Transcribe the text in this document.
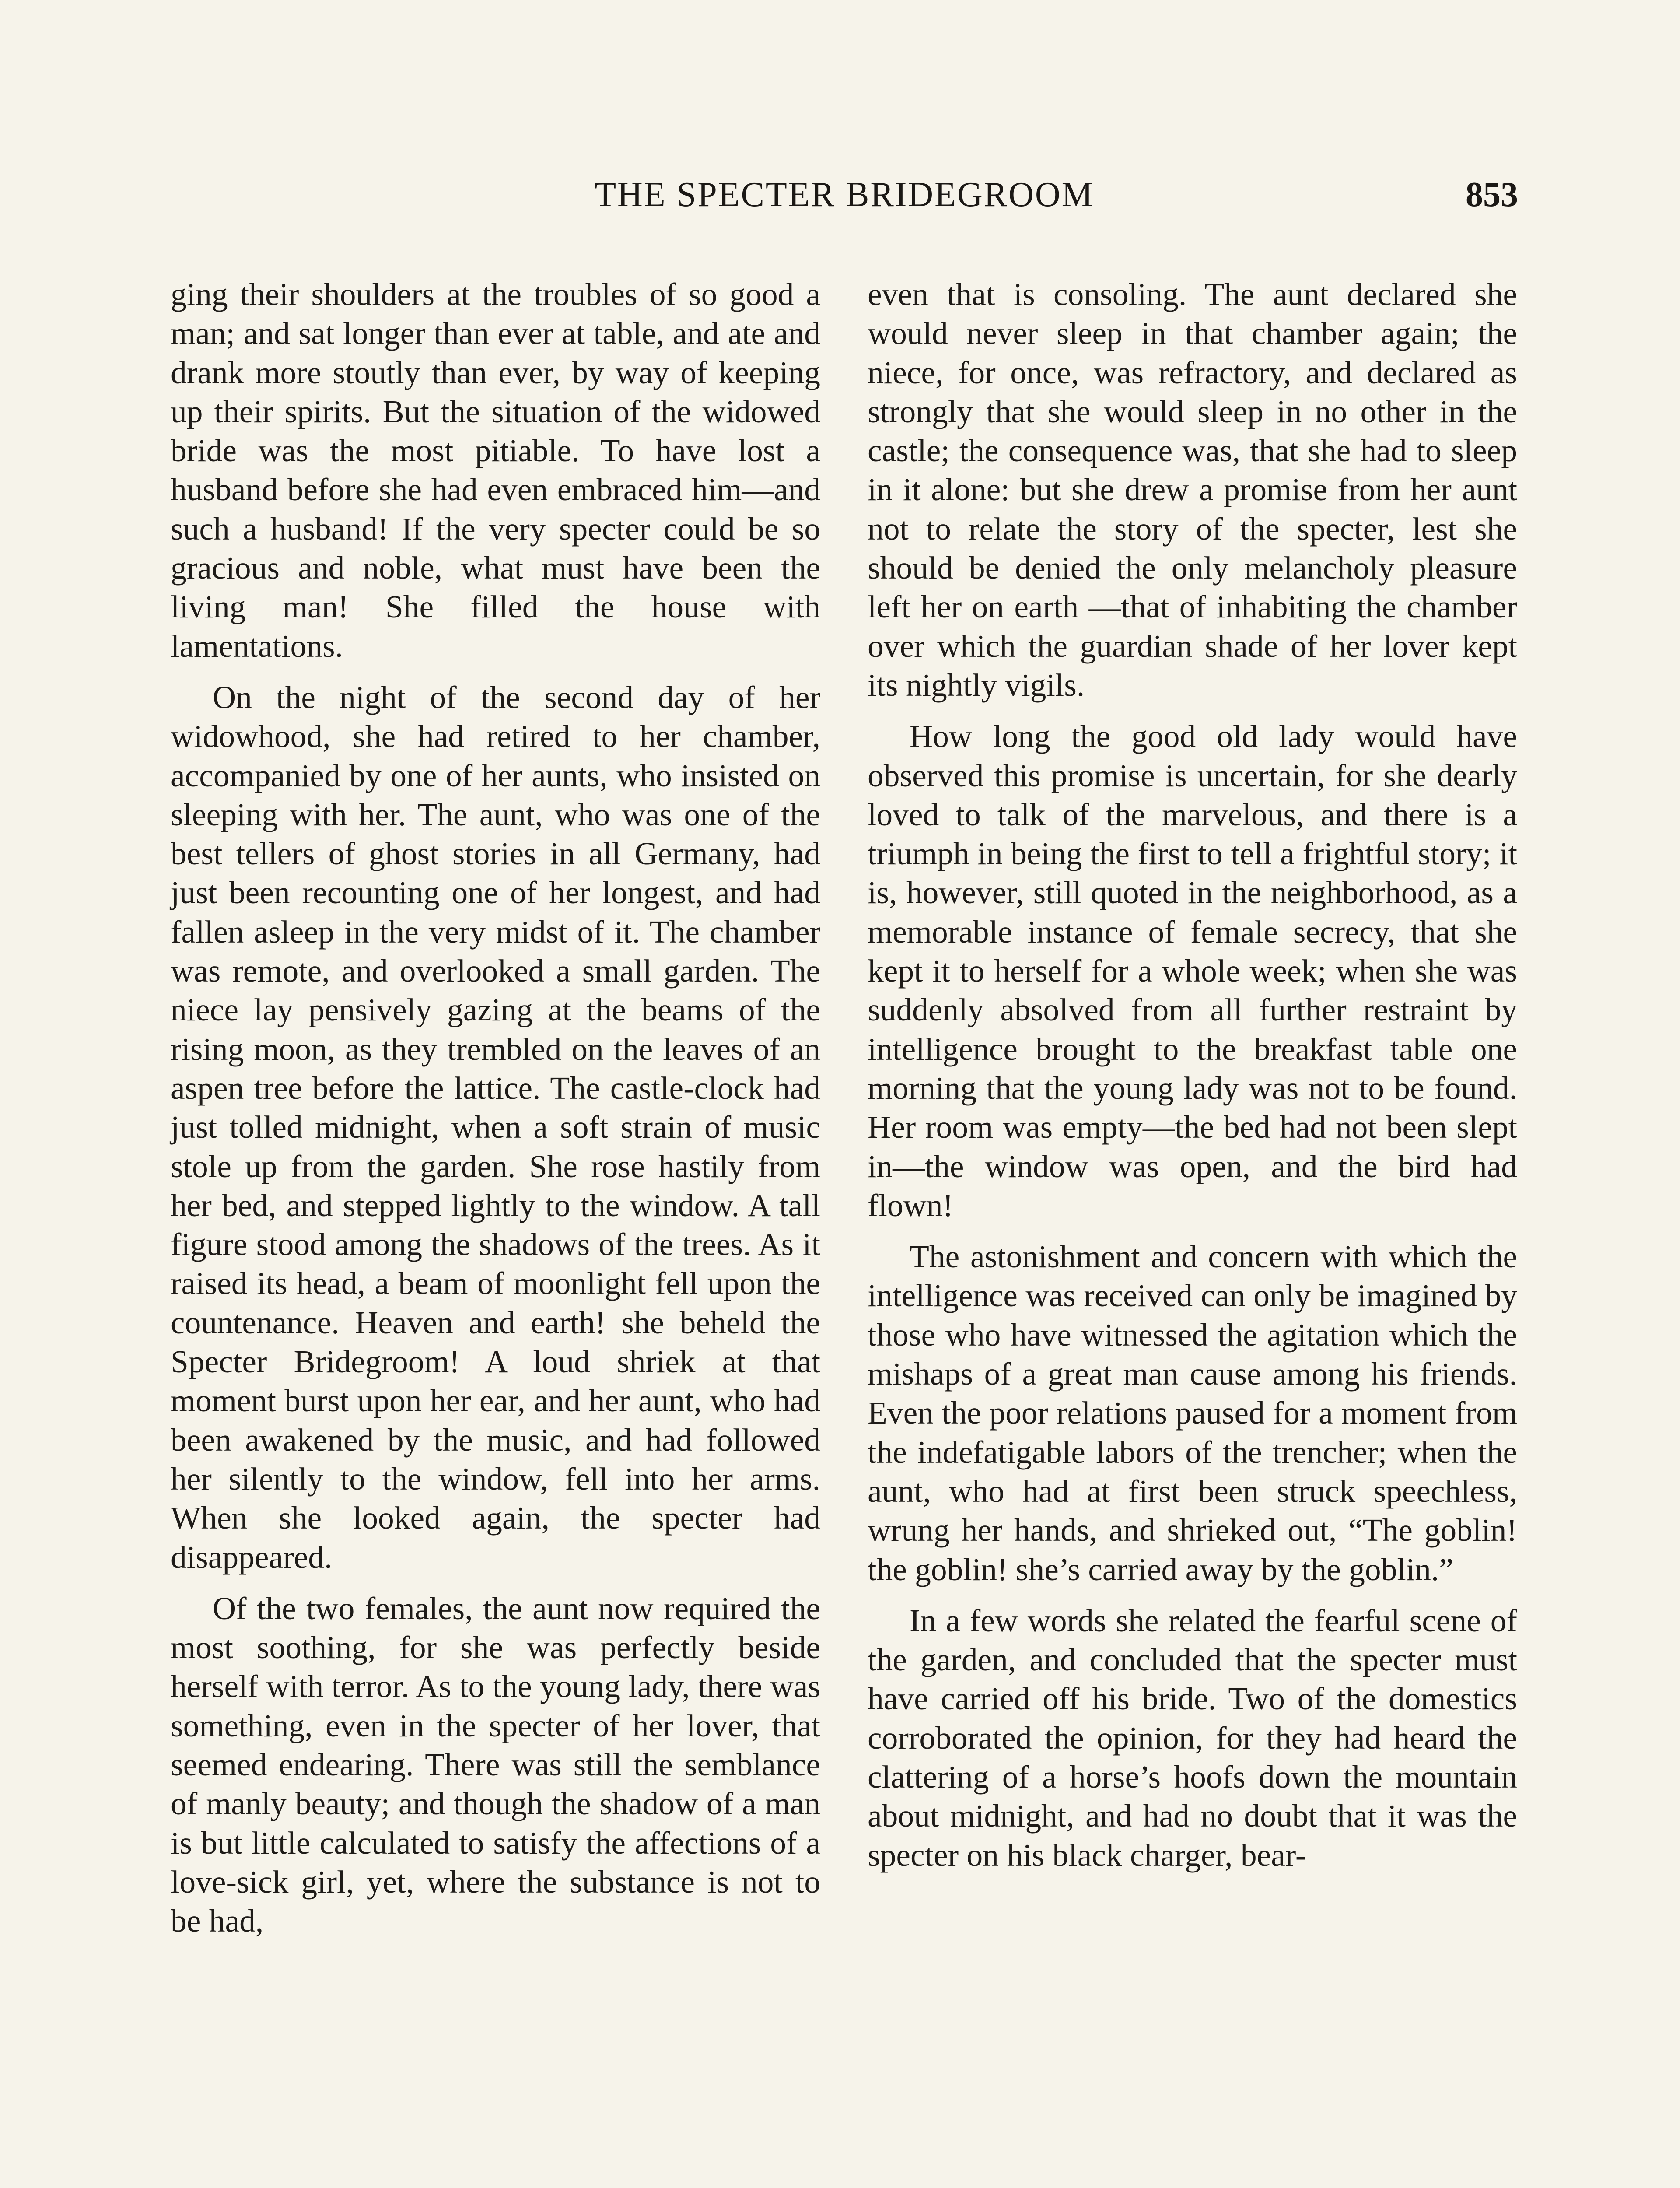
THE SPECTER BRIDEGROOM	853

ging their shoulders at the troubles of so good a man; and sat longer than ever at table, and ate and drank more stoutly than ever, by way of keeping up their spirits. But the situation of the widowed bride was the most pitiable. To have lost a husband before she had even embraced him—and such a husband! If the very specter could be so gracious and noble, what must have been the living man! She filled the house with lamentations.

On the night of the second day of her widowhood, she had retired to her chamber, accompanied by one of her aunts, who insisted on sleeping with her. The aunt, who was one of the best tellers of ghost stories in all Germany, had just been recounting one of her longest, and had fallen asleep in the very midst of it. The chamber was remote, and overlooked a small garden. The niece lay pensively gazing at the beams of the rising moon, as they trembled on the leaves of an aspen tree before the lattice. The castle-clock had just tolled midnight, when a soft strain of music stole up from the garden. She rose hastily from her bed, and stepped lightly to the window. A tall figure stood among the shadows of the trees. As it raised its head, a beam of moonlight fell upon the countenance. Heaven and earth! she beheld the Specter Bridegroom! A loud shriek at that moment burst upon her ear, and her aunt, who had been awakened by the music, and had followed her silently to the window, fell into her arms. When she looked again, the specter had disappeared.

Of the two females, the aunt now required the most soothing, for she was perfectly beside herself with terror. As to the young lady, there was something, even in the specter of her lover, that seemed endearing. There was still the semblance of manly beauty; and though the shadow of a man is but little calculated to satisfy the affections of a love-sick girl, yet, where the substance is not to be had,

even that is consoling. The aunt declared she would never sleep in that chamber again; the niece, for once, was refractory, and declared as strongly that she would sleep in no other in the castle; the consequence was, that she had to sleep in it alone: but she drew a promise from her aunt not to relate the story of the specter, lest she should be denied the only melancholy pleasure left her on earth —that of inhabiting the chamber over which the guardian shade of her lover kept its nightly vigils.

How long the good old lady would have observed this promise is uncertain, for she dearly loved to talk of the marvelous, and there is a triumph in being the first to tell a frightful story; it is, however, still quoted in the neighborhood, as a memorable instance of female secrecy, that she kept it to herself for a whole week; when she was suddenly absolved from all further restraint by intelligence brought to the breakfast table one morning that the young lady was not to be found. Her room was empty—the bed had not been slept in—the window was open, and the bird had flown!

The astonishment and concern with which the intelligence was received can only be imagined by those who have witnessed the agitation which the mishaps of a great man cause among his friends. Even the poor relations paused for a moment from the indefatigable labors of the trencher; when the aunt, who had at first been struck speechless, wrung her hands, and shrieked out, “The goblin! the goblin! she’s carried away by the goblin.”

In a few words she related the fearful scene of the garden, and concluded that the specter must have carried off his bride. Two of the domestics corroborated the opinion, for they had heard the clattering of a horse’s hoofs down the mountain about midnight, and had no doubt that it was the specter on his black charger, bear-
